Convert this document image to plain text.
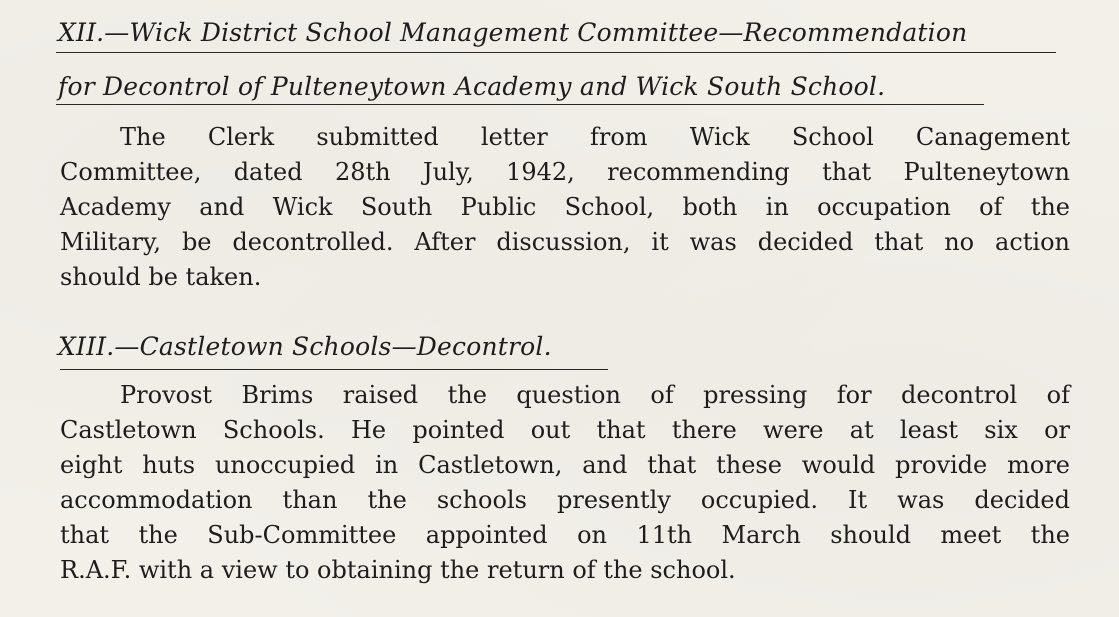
XII.—Wick District School Management Committee—Recommendation
for Decontrol of Pulteneytown Academy and Wick South School.
The Clerk submitted letter from Wick School Canagement
Committee, dated 28th July, 1942, recommending that Pulteneytown
Academy and Wick South Public School, both in occupation of the
Military, be decontrolled. After discussion, it was decided that no action
should be taken.
XIII.—Castletown Schools—Decontrol.
Provost Brims raised the question of pressing for decontrol of
Castletown Schools. He pointed out that there were at least six or
eight huts unoccupied in Castletown, and that these would provide more
accommodation than the schools presently occupied. It was decided
that the Sub-Committee appointed on 11th March should meet the
R.A.F. with a view to obtaining the return of the school.
